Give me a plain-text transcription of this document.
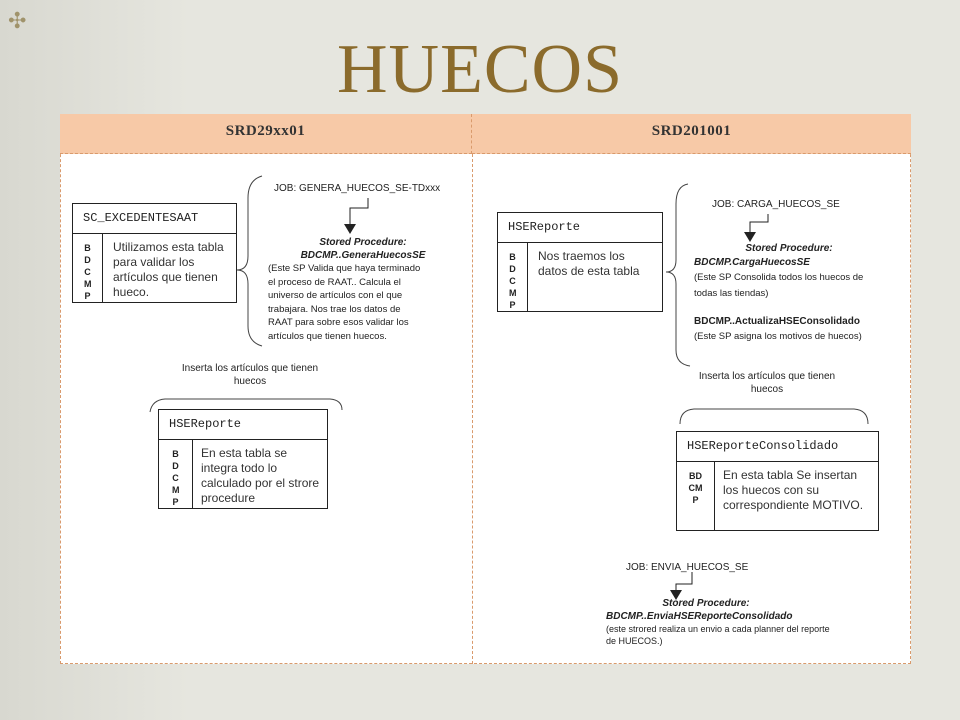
✣
HUECOS
SRD29xx01	SRD201001
SC_EXCEDENTESAAT
BDCMP
Utilizamos esta tabla para validar los artículos que tienen hueco.
JOB: GENERA_HUECOS_SE-TDxxx
Stored Procedure:
BDCMP..GeneraHuecosSE
(Este SP Valida que haya terminado el proceso de RAAT.. Calcula el universo de artículos con el que trabajara. Nos trae los datos de RAAT para sobre esos validar los artículos que tienen huecos.
Inserta los artículos que tienen huecos
HSEReporte
BDCMP
En esta tabla se integra todo lo calculado por el strore procedure
HSEReporte
BDCMP
Nos traemos los datos de esta tabla
JOB: CARGA_HUECOS_SE
Stored Procedure:
BDCMP.CargaHuecosSE
(Este SP Consolida todos los huecos de todas las tiendas)
BDCMP..ActualizaHSEConsolidado
(Este SP asigna los motivos de huecos)
Inserta los artículos que tienen huecos
HSEReporteConsolidado
BDCMP
En esta tabla Se insertan los huecos con su correspondiente MOTIVO.
JOB: ENVIA_HUECOS_SE
Stored Procedure:
BDCMP..EnviaHSEReporteConsolidado
(este strored realiza un envio a cada planner del reporte de HUECOS.)
